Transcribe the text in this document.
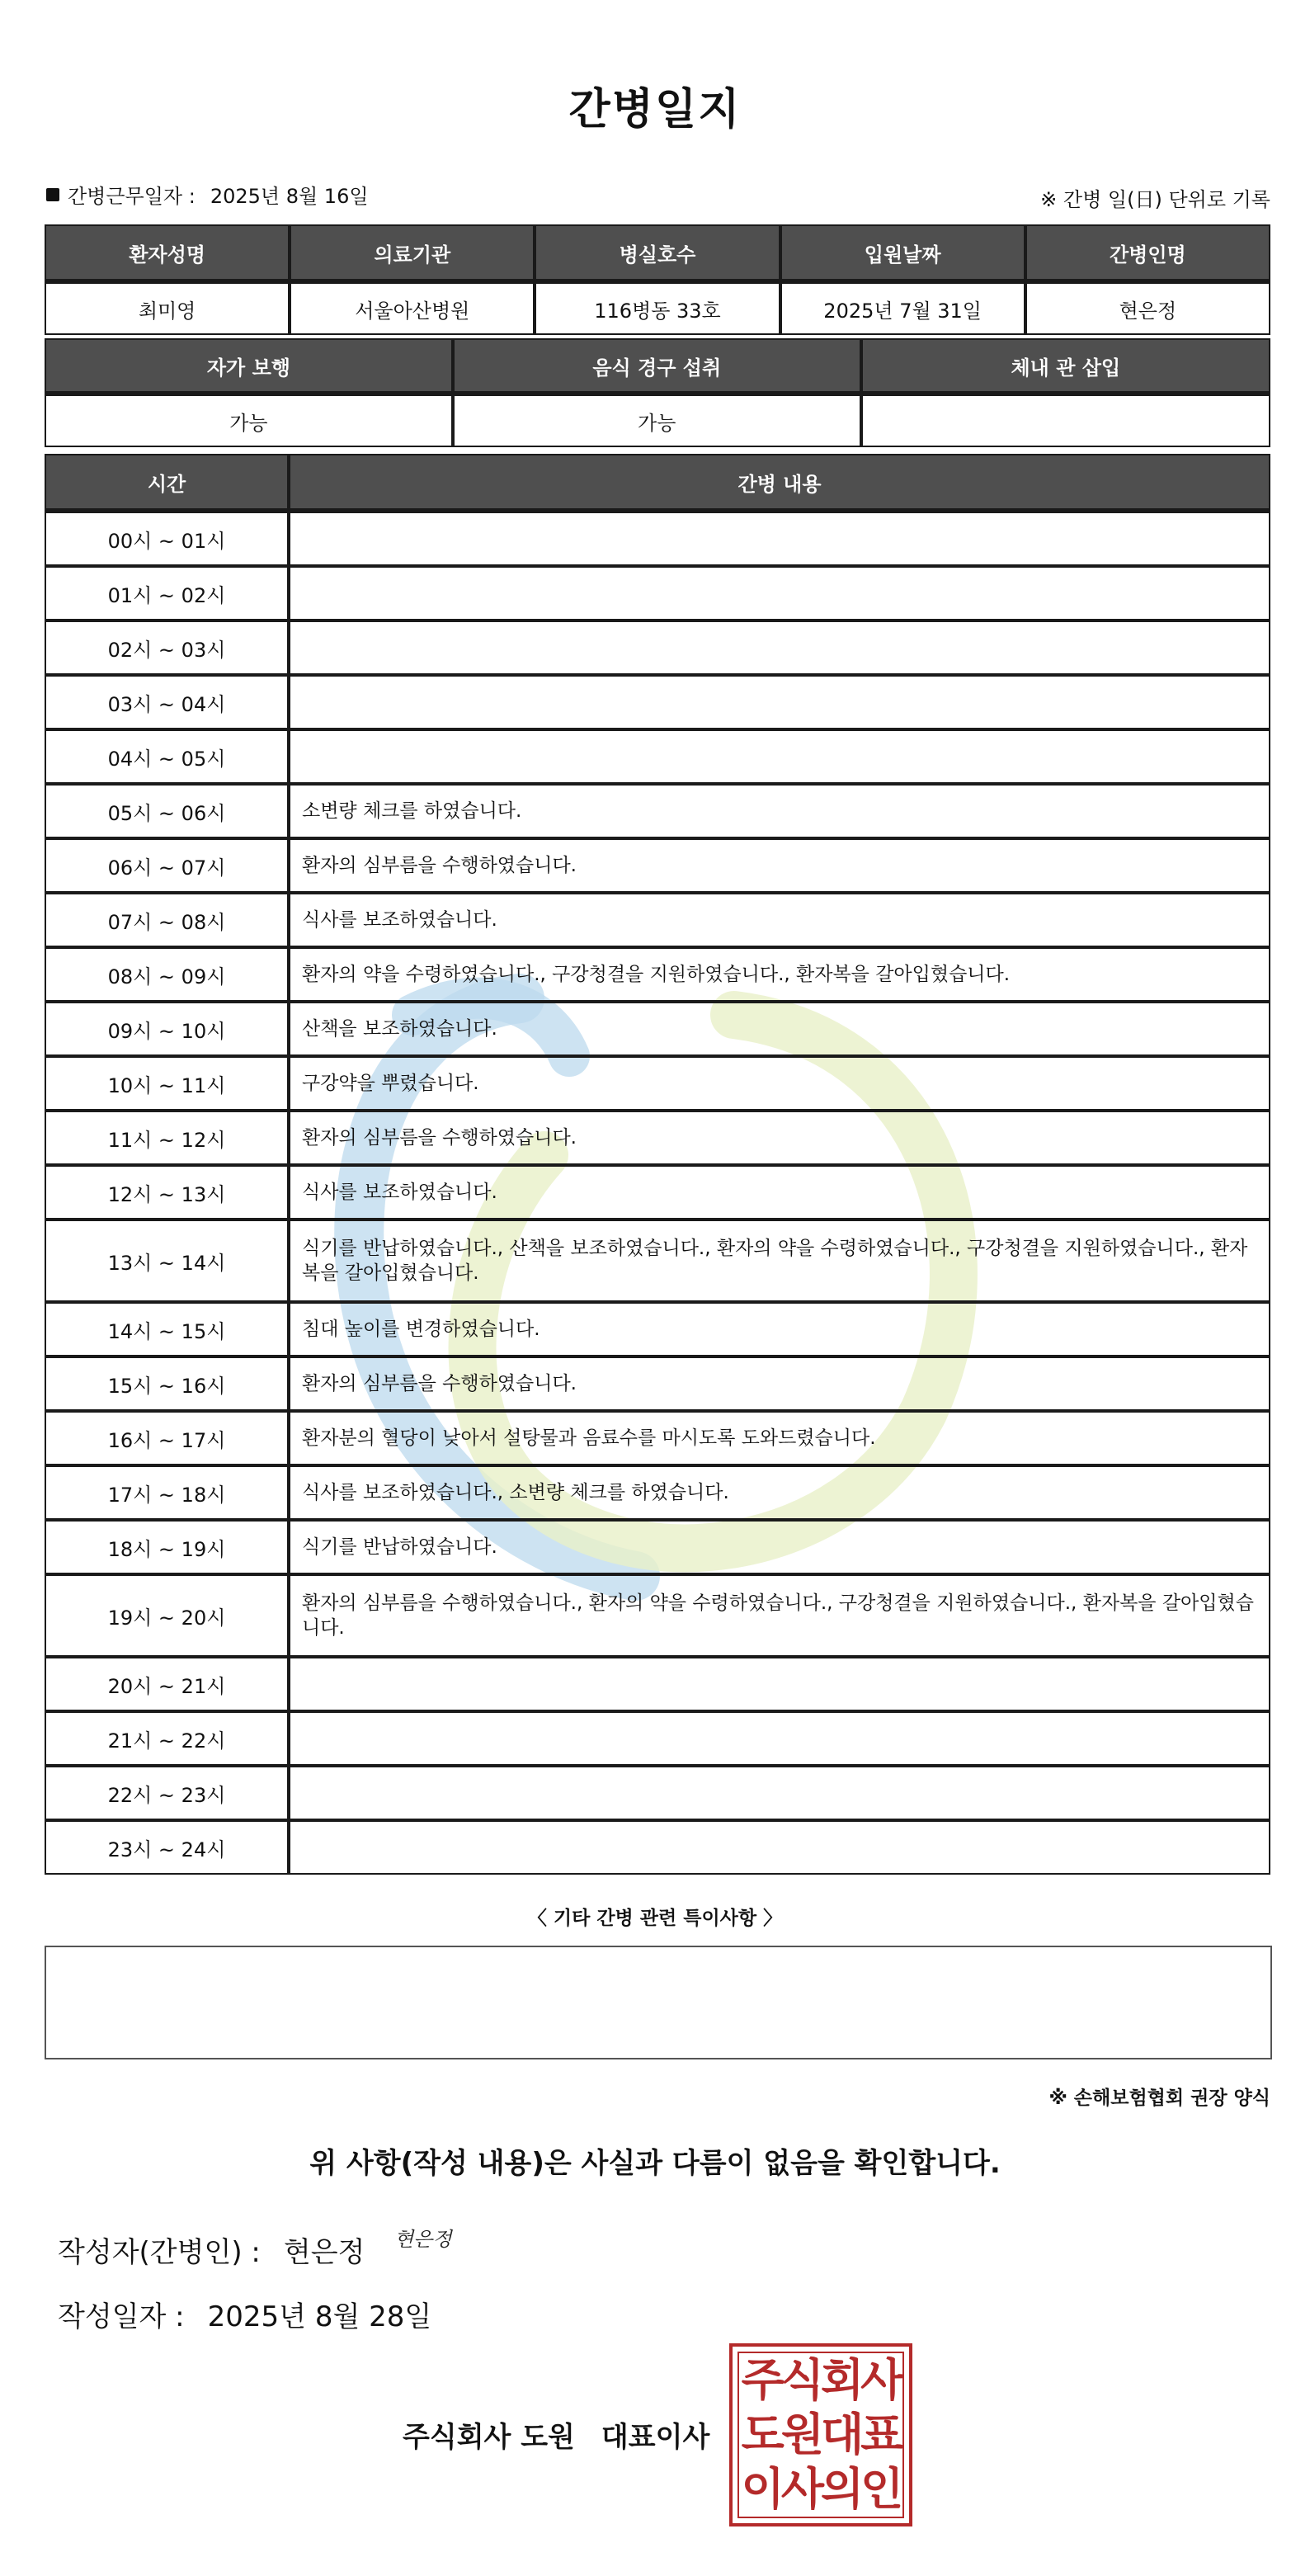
간병일지
간병근무일자 : 2025년 8월 16일	※ 간병 일(日) 단위로 기록
환자성명	의료기관	병실호수	입원날짜	간병인명
최미영	서울아산병원	116병동 33호	2025년 7월 31일	현은정
자가 보행	음식 경구 섭취	체내 관 삽입
가능	가능	
시간	간병 내용
00시 ~ 01시	
01시 ~ 02시	
02시 ~ 03시	
03시 ~ 04시	
04시 ~ 05시	
05시 ~ 06시	소변량 체크를 하였습니다.
06시 ~ 07시	환자의 심부름을 수행하였습니다.
07시 ~ 08시	식사를 보조하였습니다.
08시 ~ 09시	환자의 약을 수령하였습니다., 구강청결을 지원하였습니다., 환자복을 갈아입혔습니다.
09시 ~ 10시	산책을 보조하였습니다.
10시 ~ 11시	구강약을 뿌렸습니다.
11시 ~ 12시	환자의 심부름을 수행하였습니다.
12시 ~ 13시	식사를 보조하였습니다.
13시 ~ 14시	식기를 반납하였습니다., 산책을 보조하였습니다., 환자의 약을 수령하였습니다., 구강청결을 지원하였습니다., 환자복을 갈아입혔습니다.
14시 ~ 15시	침대 높이를 변경하였습니다.
15시 ~ 16시	환자의 심부름을 수행하였습니다.
16시 ~ 17시	환자분의 혈당이 낮아서 설탕물과 음료수를 마시도록 도와드렸습니다.
17시 ~ 18시	식사를 보조하였습니다., 소변량 체크를 하였습니다.
18시 ~ 19시	식기를 반납하였습니다.
19시 ~ 20시	환자의 심부름을 수행하였습니다., 환자의 약을 수령하였습니다., 구강청결을 지원하였습니다., 환자복을 갈아입혔습니다.
20시 ~ 21시	
21시 ~ 22시	
22시 ~ 23시	
23시 ~ 24시	
〈 기타 간병 관련 특이사항 〉
※ 손해보험협회 권장 양식
위 사항(작성 내용)은 사실과 다름이 없음을 확인합니다.
작성자(간병인) : 현은정 현은정
작성일자 : 2025년 8월 28일
주식회사 도원 대표이사
주식회사
도원대표
이사의인
